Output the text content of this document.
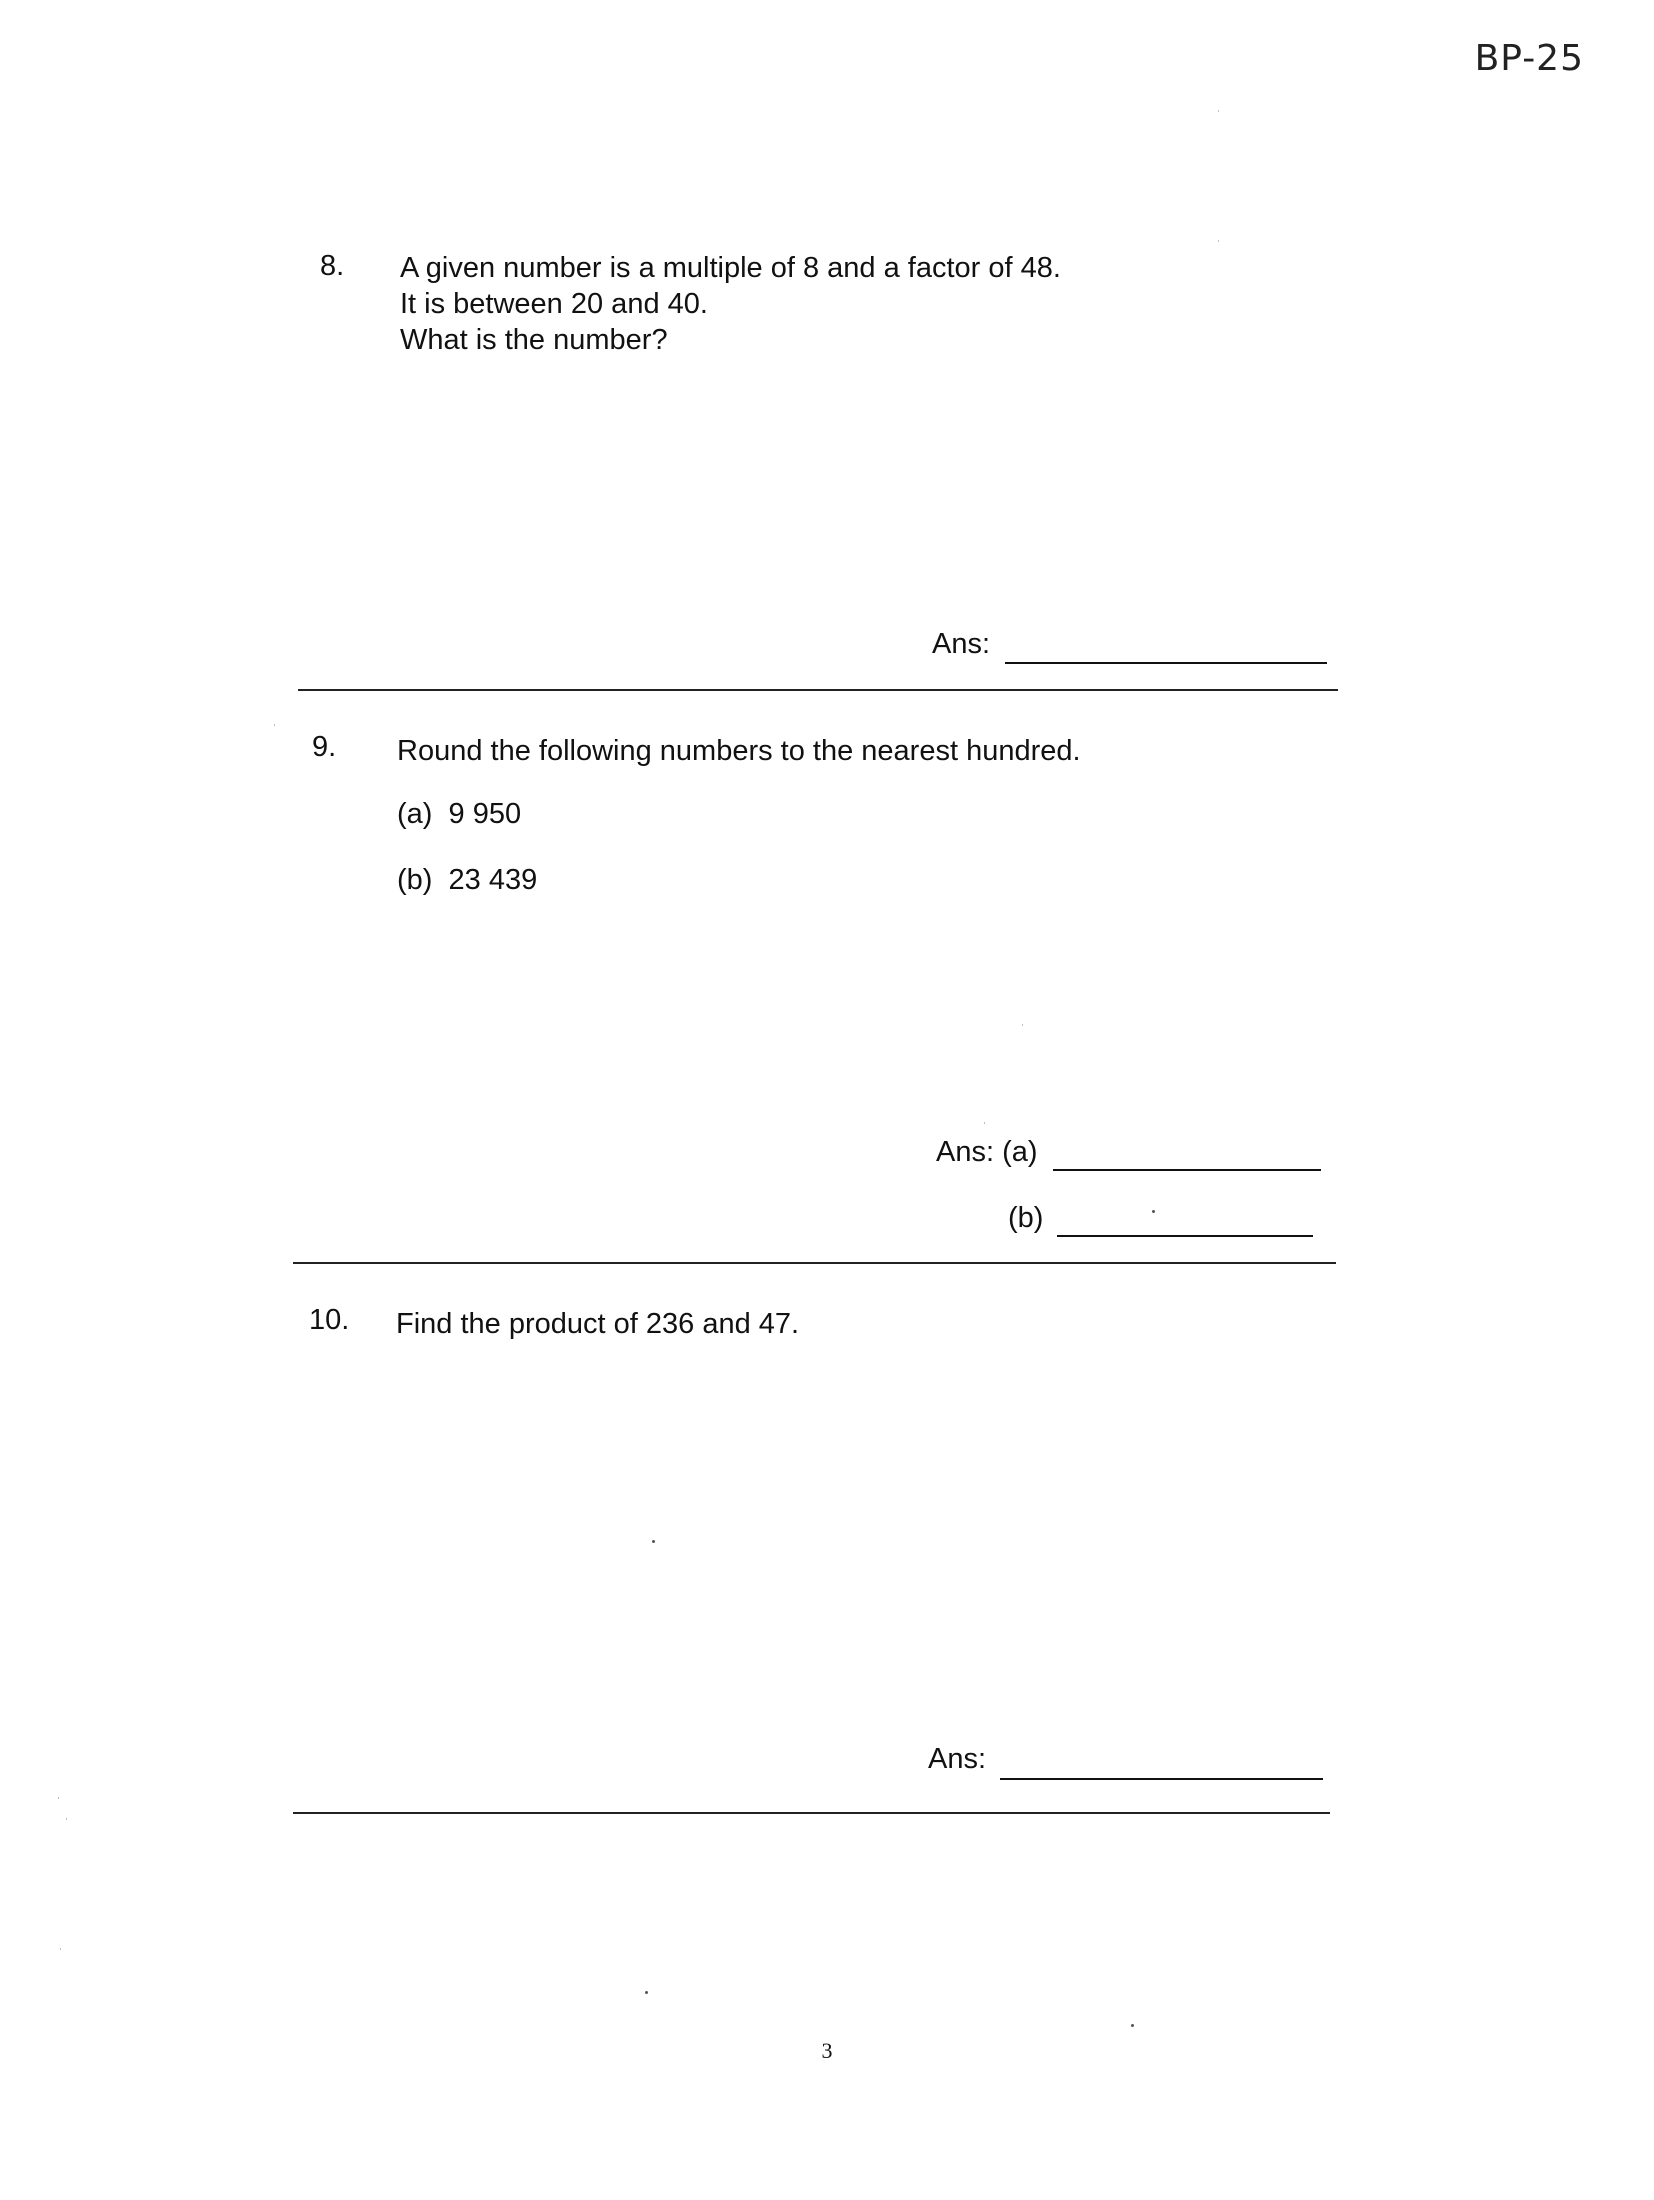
BP-25
8. A given number is a multiple of 8 and a factor of 48.
It is between 20 and 40.
What is the number?
Ans:
9. Round the following numbers to the nearest hundred.
(a) 9 950
(b) 23 439
Ans: (a)
(b)
10. Find the product of 236 and 47.
Ans:
3
